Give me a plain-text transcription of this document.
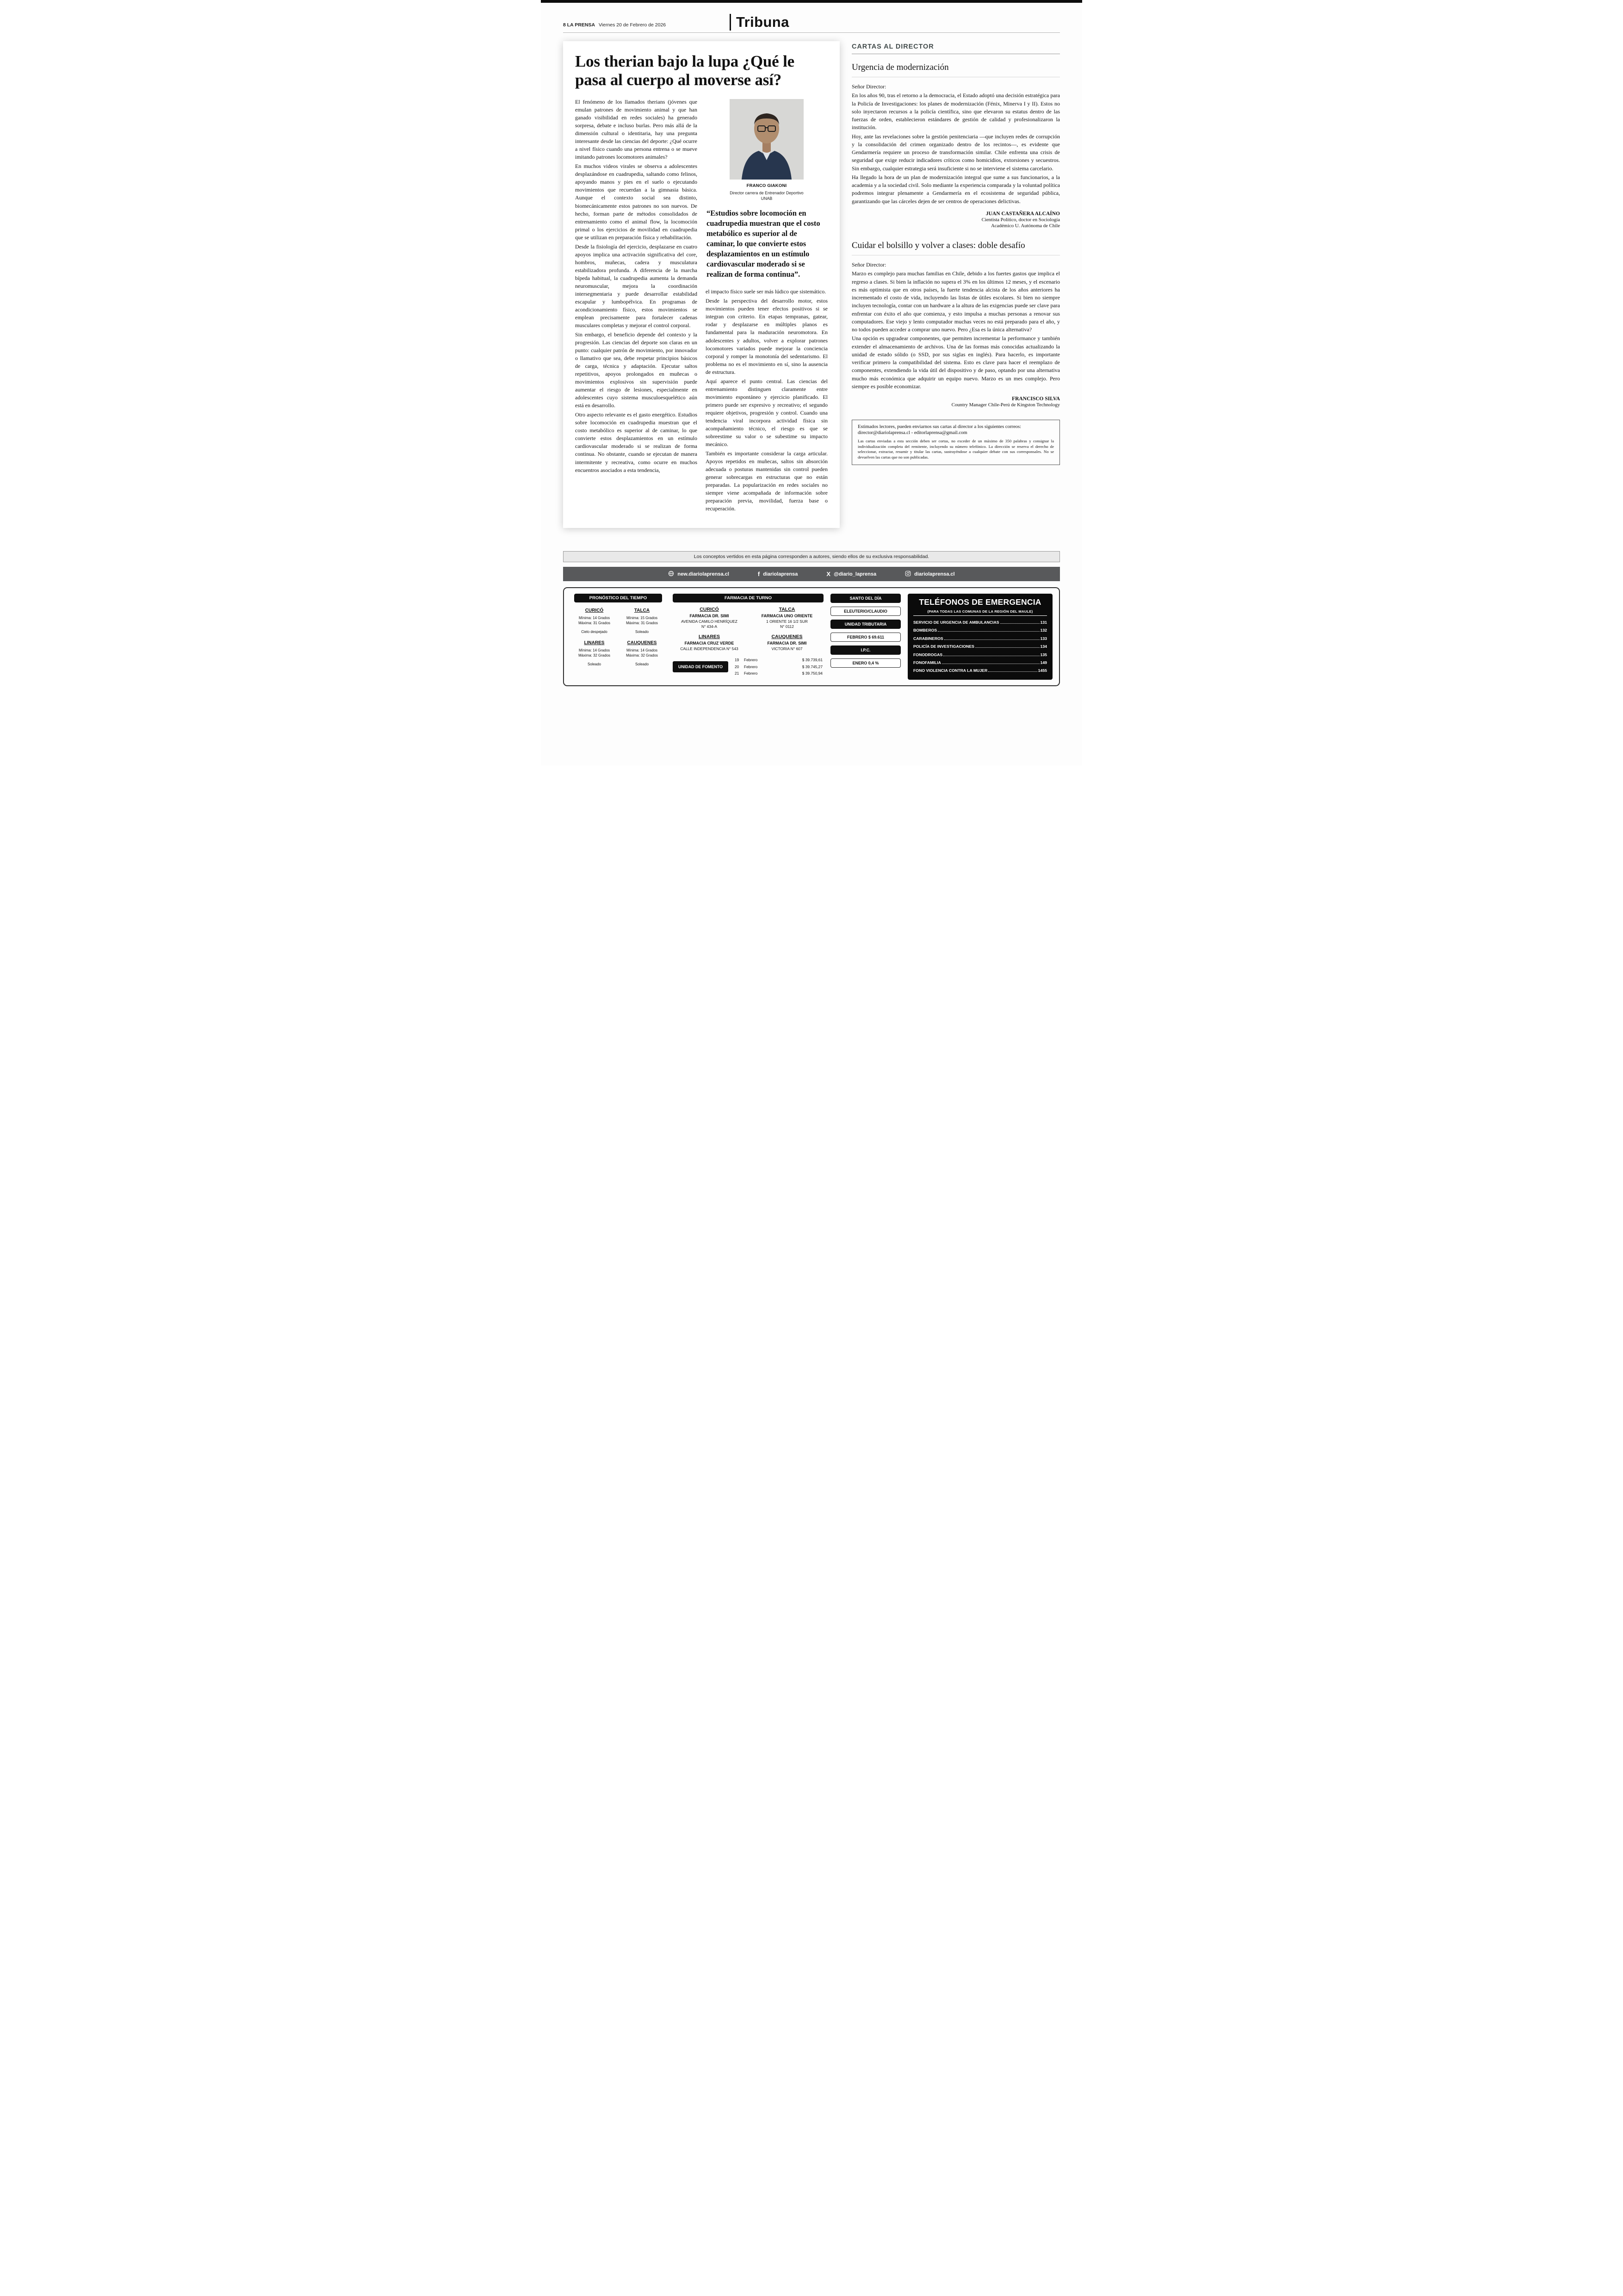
8 LA PRENSA Viernes 20 de Febrero de 2026	Tribuna
Los therian bajo la lupa ¿Qué le pasa al cuerpo al moverse así?

El fenómeno de los llamados therians (jóvenes que emulan patrones de movimiento animal y que han ganado visibilidad en redes sociales) ha generado sorpresa, debate e incluso burlas. Pero más allá de la dimensión cultural o identitaria, hay una pregunta interesante desde las ciencias del deporte: ¿Qué ocurre a nivel físico cuando una persona entrena o se mueve imitando patrones locomotores animales?

En muchos videos virales se observa a adolescentes desplazándose en cuadrupedia, saltando como felinos, apoyando manos y pies en el suelo o ejecutando movimientos que recuerdan a la gimnasia básica. Aunque el contexto social sea distinto, biomecánicamente estos patrones no son nuevos. De hecho, forman parte de métodos consolidados de entrenamiento como el animal flow, la locomoción primal o los ejercicios de movilidad en cuadrupedia que se utilizan en preparación física y rehabilitación.

Desde la fisiología del ejercicio, desplazarse en cuatro apoyos implica una activación significativa del core, hombros, muñecas, cadera y musculatura estabilizadora profunda. A diferencia de la marcha bípeda habitual, la cuadrupedia aumenta la demanda neuromuscular, mejora la coordinación intersegmentaria y puede desarrollar estabilidad escapular y lumbopélvica. En programas de acondicionamiento físico, estos movimientos se emplean precisamente para fortalecer cadenas musculares completas y mejorar el control corporal.

Sin embargo, el beneficio depende del contexto y la progresión. Las ciencias del deporte son claras en un punto: cualquier patrón de movimiento, por innovador o llamativo que sea, debe respetar principios básicos de carga, técnica y adaptación. Ejecutar saltos repetitivos, apoyos prolongados en muñecas o movimientos explosivos sin supervisión puede aumentar el riesgo de lesiones, especialmente en adolescentes cuyo sistema musculoesquelético aún está en desarrollo.

Otro aspecto relevante es el gasto energético. Estudios sobre locomoción en cuadrupedia muestran que el costo metabólico es superior al de caminar, lo que convierte estos desplazamientos en un estímulo cardiovascular moderado si se realizan de forma continua. No obstante, cuando se ejecutan de manera intermitente y recreativa, como ocurre en muchos encuentros asociados a esta tendencia,

FRANCO GIAKONI
Director carrera de Entrenador Deportivo UNAB
“Estudios sobre locomoción en cuadrupedia muestran que el costo metabólico es superior al de caminar, lo que convierte estos desplazamientos en un estímulo cardiovascular moderado si se realizan de forma continua”.

el impacto físico suele ser más lúdico que sistemático.

Desde la perspectiva del desarrollo motor, estos movimientos pueden tener efectos positivos si se integran con criterio. En etapas tempranas, gatear, rodar y desplazarse en múltiples planos es fundamental para la maduración neuromotora. En adolescentes y adultos, volver a explorar patrones locomotores variados puede mejorar la conciencia corporal y romper la monotonía del sedentarismo. El problema no es el movimiento en sí, sino la ausencia de estructura.

Aquí aparece el punto central. Las ciencias del entrenamiento distinguen claramente entre movimiento espontáneo y ejercicio planificado. El primero puede ser expresivo y recreativo; el segundo requiere objetivos, progresión y control. Cuando una tendencia viral incorpora actividad física sin acompañamiento técnico, el riesgo es que se sobreestime su valor o se subestime su impacto mecánico.

También es importante considerar la carga articular. Apoyos repetidos en muñecas, saltos sin absorción adecuada o posturas mantenidas sin control pueden generar sobrecargas en estructuras que no están preparadas. La popularización en redes sociales no siempre viene acompañada de información sobre preparación previa, movilidad, fuerza base o recuperación.

CARTAS AL DIRECTOR
Urgencia de modernización

Señor Director:

En los años 90, tras el retorno a la democracia, el Estado adoptó una decisión estratégica para la Policía de Investigaciones: los planes de modernización (Fénix, Minerva I y II). Estos no solo inyectaron recursos a la policía científica, sino que elevaron su estatus dentro de las fuerzas de orden, establecieron estándares de gestión de calidad y profesionalizaron la institución.

Hoy, ante las revelaciones sobre la gestión penitenciaria —que incluyen redes de corrupción y la consolidación del crimen organizado dentro de los recintos—, es evidente que Gendarmería requiere un proceso de transformación similar. Chile enfrenta una crisis de seguridad que exige reducir indicadores críticos como homicidios, extorsiones y secuestros. Sin embargo, cualquier estrategia será insuficiente si no se interviene el sistema carcelario.

Ha llegado la hora de un plan de modernización integral que sume a sus funcionarios, a la academia y a la sociedad civil. Solo mediante la experiencia comparada y la voluntad política podremos integrar plenamente a Gendarmería en el ecosistema de seguridad pública, garantizando que las cárceles dejen de ser centros de operaciones delictivas.

JUAN CASTAÑERA ALCAÍNO
Cientista Político, doctor en Sociología
Académico U. Autónoma de Chile
Cuidar el bolsillo y volver a clases: doble desafío

Señor Director:

Marzo es complejo para muchas familias en Chile, debido a los fuertes gastos que implica el regreso a clases. Si bien la inflación no supera el 3% en los últimos 12 meses, y el escenario es más optimista que en otros países, la fuerte tendencia alcista de los años anteriores ha incrementado el costo de vida, incluyendo las listas de útiles escolares. Si bien no siempre incluyen tecnología, contar con un hardware a la altura de las exigencias puede ser clave para enfrentar con éxito el año que comienza, y esto impulsa a muchas personas a renovar sus computadores. Ese viejo y lento computador muchas veces no está preparado para el año, y no todos pueden acceder a comprar uno nuevo. Pero ¿Esa es la única alternativa?

Una opción es upgradear componentes, que permiten incrementar la performance y también extender el almacenamiento de archivos. Una de las formas más conocidas actualizando la unidad de estado sólido (o SSD, por sus siglas en inglés). Para hacerlo, es importante verificar primero la compatibilidad del sistema. Esto es clave para hacer el reemplazo de componentes, extendiendo la vida útil del dispositivo y de paso, optando por una alternativa mucho más económica que adquirir un equipo nuevo. Marzo es un mes complejo. Pero siempre es posible economizar.

FRANCISCO SILVA
Country Manager Chile-Perú de Kingston Technology

Estimados lectores, pueden enviarnos sus cartas al director a los siguientes correos:

director@diariolaprensa.cl - editorlaprensa@gmail.com

Las cartas enviadas a esta sección deben ser cortas, no exceder de un máximo de 350 palabras y consignar la individualización completa del remitente, incluyendo su número telefónico. La dirección se reserva el derecho de seleccionar, extractar, resumir y titular las cartas, sustrayéndose a cualquier debate con sus corresponsales. No se devuelven las cartas que no son publicadas.

Los conceptos vertidos en esta página corresponden a autores, siendo ellos de su exclusiva responsabilidad.
new.diariolaprensa.cl	f diariolaprensa	X @diario_laprensa	diariolaprensa.cl
PRONÓSTICO DEL TIEMPO
CURICÓ
Mínima: 14 Grados
Máxima: 31 Grados
Cielo despejado
TALCA
Mínima: 15 Grados
Máxima: 31 Grados
Soleado
LINARES
Mínima: 14 Grados
Máxima: 32 Grados
Soleado
CAUQUENES
Mínima: 14 Grados
Máxima: 32 Grados
Soleado
FARMACIA DE TURNO
CURICÓ
FARMACIA DR. SIMI
AVENIDA CAMILO HENRÍQUEZ
N° 434-A
TALCA
FARMACIA UNO ORIENTE
1 ORIENTE 16 1/2 SUR
N° 0112
LINARES
FARMACIA CRUZ VERDE
CALLE INDEPENDENCIA N° 543
CAUQUENES
FARMACIA DR. SIMI
VICTORIA N° 607
UNIDAD DE FOMENTO
19	Febrero	$ 39.739,61
20	Febrero	$ 39.745,27
21	Febrero	$ 39.750,94
SANTO DEL DÍA
ELEUTERIO/CLAUDIO
UNIDAD TRIBUTARIA
FEBRERO $ 69.611
I.P.C.
ENERO 0,4 %
TELÉFONOS DE EMERGENCIA
(PARA TODAS LAS COMUNAS DE LA REGIÓN DEL MAULE)
SERVICIO DE URGENCIA DE AMBULANCIAS	131
BOMBEROS	132
CARABINEROS	133
POLICÍA DE INVESTIGACIONES	134
FONODROGAS	135
FONOFAMILIA	149
FONO VIOLENCIA CONTRA LA MUJER	1455
